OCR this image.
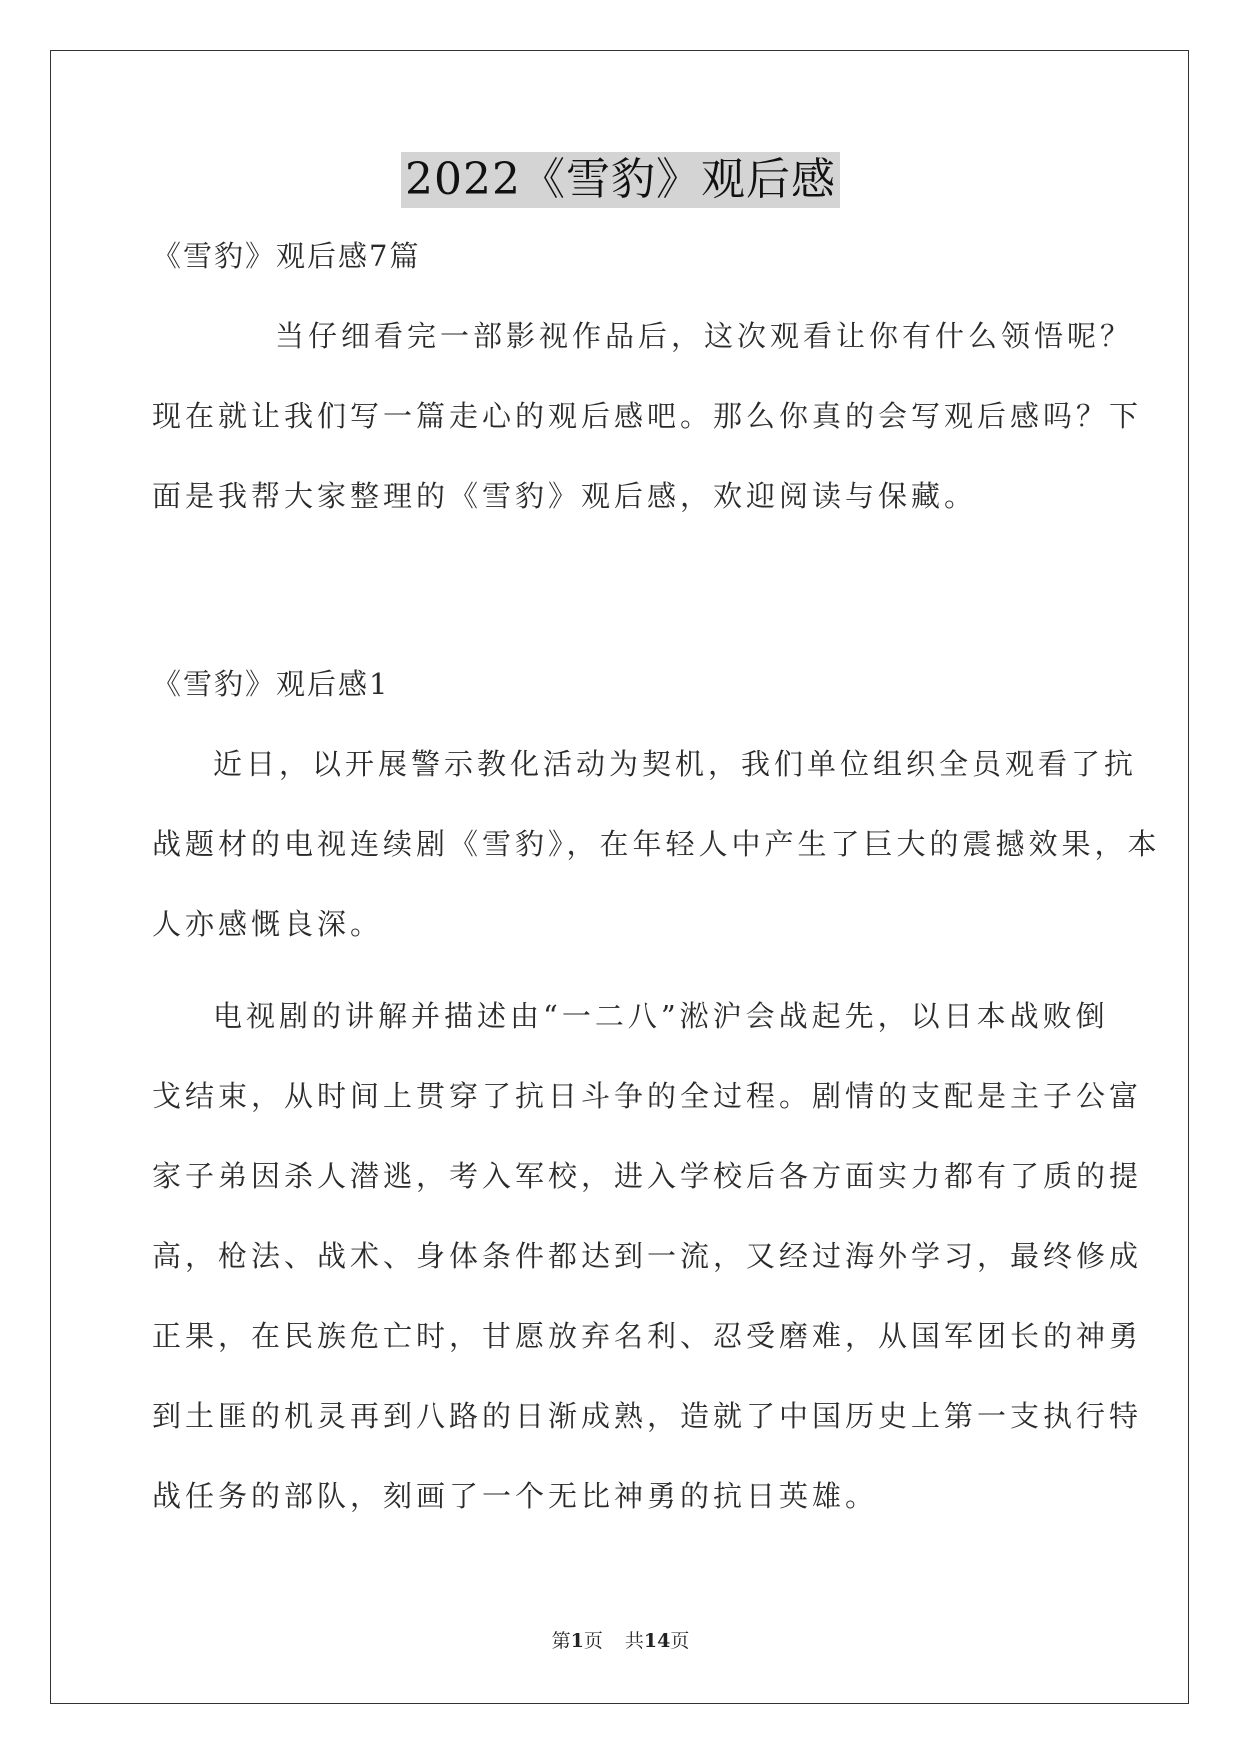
2022《雪豹》观后感
《雪豹》观后感7篇
当仔细看完一部影视作品后，这次观看让你有什么领悟呢？
现在就让我们写一篇走心的观后感吧。那么你真的会写观后感吗？下
面是我帮大家整理的《雪豹》观后感，欢迎阅读与保藏。
《雪豹》观后感1
近日，以开展警示教化活动为契机，我们单位组织全员观看了抗
战题材的电视连续剧《雪豹》，在年轻人中产生了巨大的震撼效果，本
人亦感慨良深。
电视剧的讲解并描述由“一二八”淞沪会战起先，以日本战败倒
戈结束，从时间上贯穿了抗日斗争的全过程。剧情的支配是主子公富
家子弟因杀人潜逃，考入军校，进入学校后各方面实力都有了质的提
高，枪法、战术、身体条件都达到一流，又经过海外学习，最终修成
正果，在民族危亡时，甘愿放弃名利、忍受磨难，从国军团长的神勇
到土匪的机灵再到八路的日渐成熟，造就了中国历史上第一支执行特
战任务的部队，刻画了一个无比神勇的抗日英雄。
第1页 共14页
